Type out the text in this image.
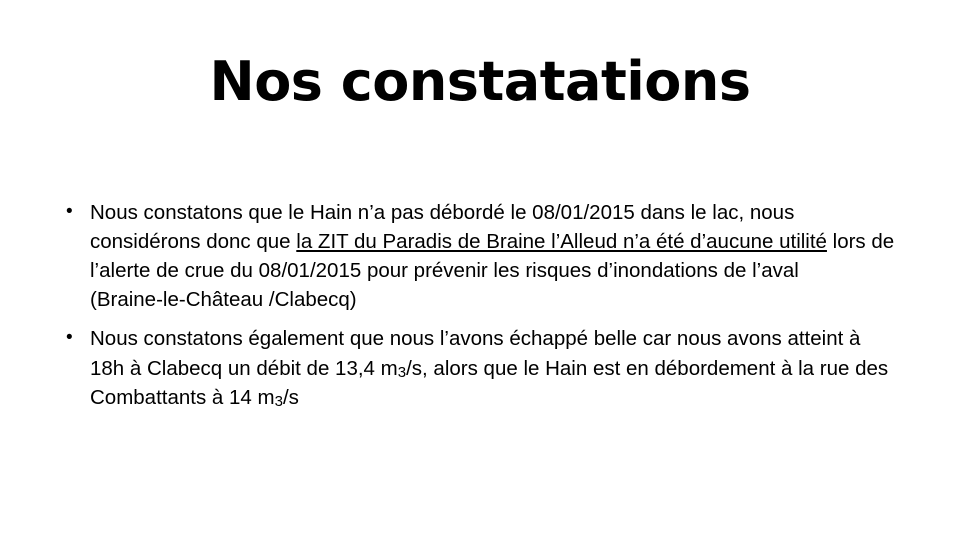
Nos constatations
• Nous constatons que le Hain n’a pas débordé le 08/01/2015 dans le lac, nous considérons donc que la ZIT du Paradis de Braine l’Alleud n’a été d’aucune utilité lors de l’alerte de crue du 08/01/2015 pour prévenir les risques d’inondations de l’aval
(Braine-le-Château /Clabecq)
• Nous constatons également que nous l’avons échappé belle car nous avons atteint à 18h à Clabecq un débit de 13,4 m3/s, alors que le Hain est en débordement à la rue des Combattants à 14 m3/s
